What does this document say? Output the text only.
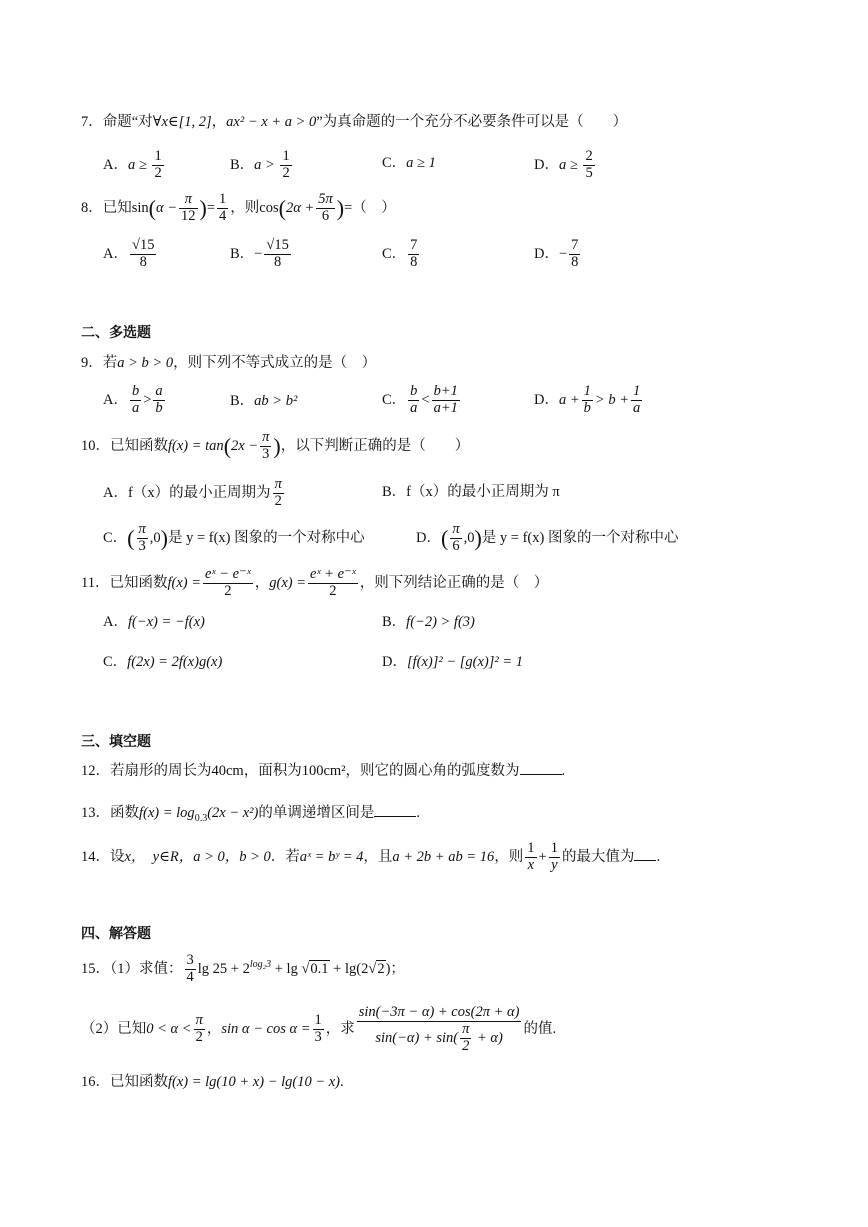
7．命题“对∀x∈[1, 2]，ax² − x + a > 0”为真命题的一个充分不必要条件可以是（　　）
A．$a \ge \frac{1}{2}$	B．$a > \frac{1}{2}$	C．a ≥ 1	D．$a \ge \frac{2}{5}$
8．已知$\sin(\alpha - \frac{\pi}{12}$ )= $\frac{1}{4}$ ，则$\cos(2\alpha + \frac{5\pi}{6}$ )=（　）
A． $\frac{√15}{8}$	B．− $\frac{√15}{8}$	C． $\frac{7}{8}$	D．− $\frac{7}{8}$
二、多选题
9．若a > b > 0，则下列不等式成立的是（　）
A． $\frac{b}{a} > \frac{a}{b}$	B．ab > b²	C． $\frac{b}{a} < \frac{b+1}{a+1}$	D．$a + \frac{1}{b} > b + \frac{1}{a}$
10．已知函数$f(x) = \tan(2x - \frac{\pi}{3}$ )，以下判断正确的是（　　）
A．f（x）的最小正周期为 $\frac{\pi}{2}$	B．f（x）的最小正周期为 π
C．( $\frac{\pi}{3} ,0$)是 y = f(x) 图象的一个对称中心	D．( $\frac{\pi}{6} ,0$)是 y = f(x) 图象的一个对称中心
11．已知函数$f(x) = \frac{\text{eˣ − e⁻ˣ}}{2}$ ，$g(x) = \frac{\text{eˣ + e⁻ˣ}}{2}$ ，则下列结论正确的是（　）
A．f(−x) = −f(x)	B．f(−2) > f(3)
C．f(2x) = 2f(x)g(x)	D．[f(x)]² − [g(x)]² = 1
三、填空题
12．若扇形的周长为40cm，面积为100cm²，则它的圆心角的弧度数为	.
13．函数$f(x) = \log_{0.3}(2x - x^2)$的单调递增区间是	.
14．设x，　y∈R，a > 0，b > 0．若aˣ = bʸ = 4，且a + 2b + ab = 16，则 $\frac{1}{x} + \frac{1}{y}$ 的最大值为 .
四、解答题
15．（1）求值： $\frac{3}{4}$ $\lg 25 + 2^{log_23} + \lg √0.1 + \lg(2√2)$；
（2）已知$0 < \alpha < \frac{\pi}{2}$ ，$\sin \alpha - \cos \alpha = \frac{1}{3}$ ，求 $\frac{\sin(-3\pi - \alpha) + \cos(2\pi + \alpha)}{\sin(-\alpha) + \sin( \frac{\pi}{2} + \alpha)}$ 的值.
16．已知函数f(x) = lg(10 + x) − lg(10 − x).
